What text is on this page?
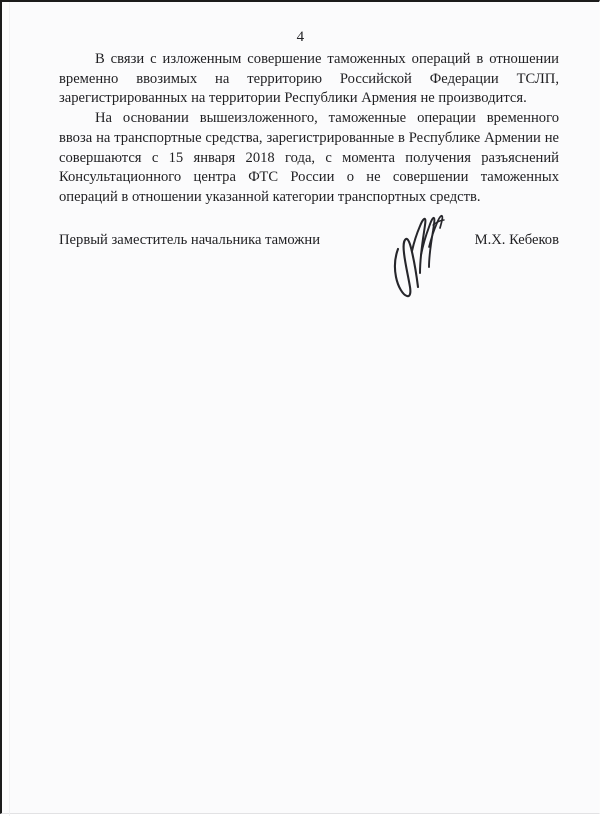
4

В связи с изложенным совершение таможенных операций в отношении временно ввозимых на территорию Российской Федерации ТСЛП, зарегистрированных на территории Республики Армения не производится.

На основании вышеизложенного, таможенные операции временного ввоза на транспортные средства, зарегистрированные в Республике Армении не совершаются с 15 января 2018 года, с момента получения разъяснений Консультационного центра ФТС России о не совершении таможенных операций в отношении указанной категории транспортных средств.

Первый заместитель начальника таможни	М.Х. Кебеков
